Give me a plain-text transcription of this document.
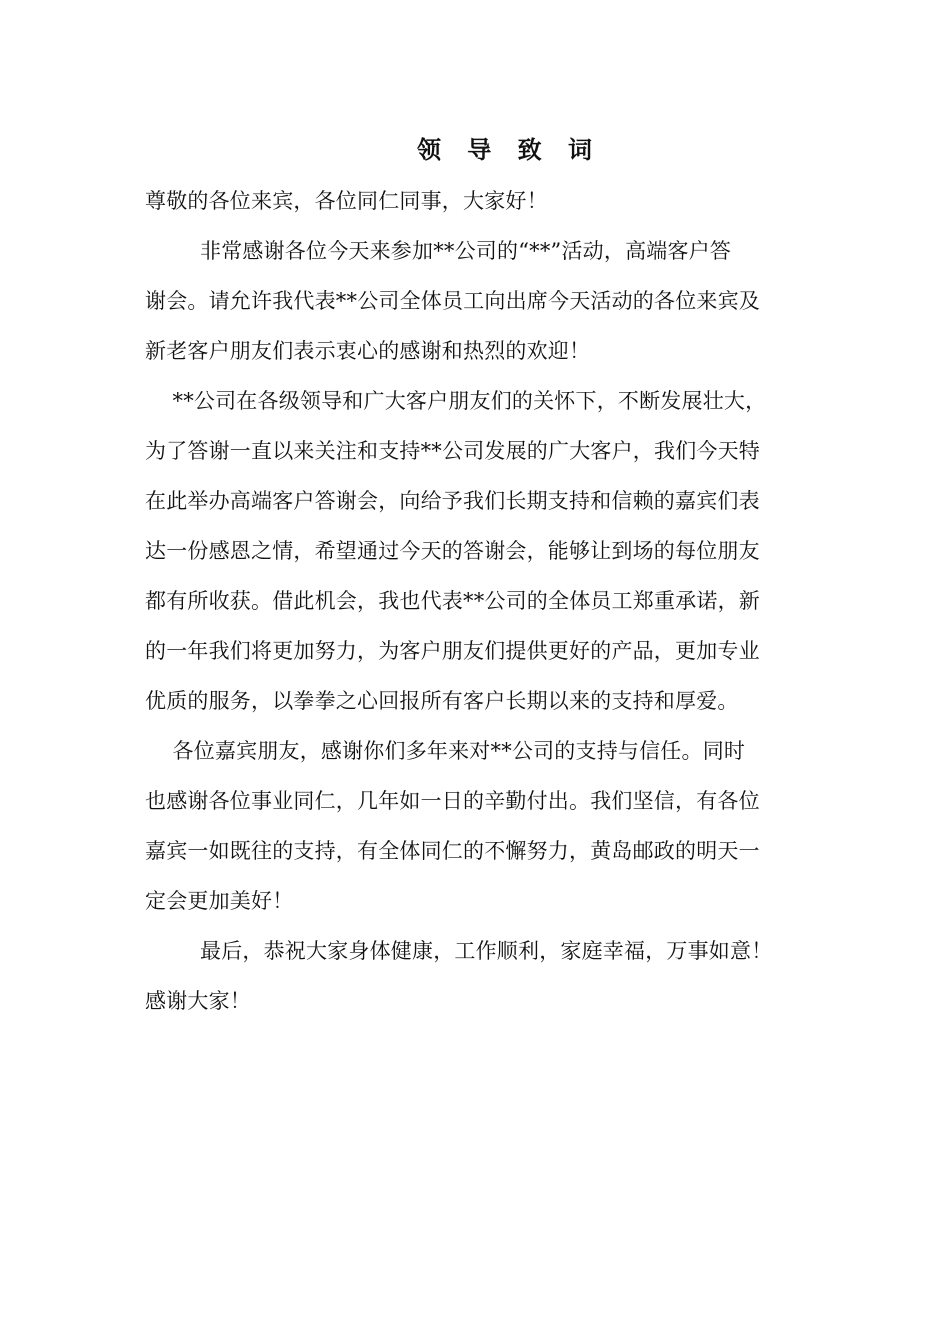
领 导 致 词
尊敬的各位来宾，各位同仁同事，大家好！
非常感谢各位今天来参加**公司的“**”活动，高端客户答
谢会。请允许我代表**公司全体员工向出席今天活动的各位来宾及
新老客户朋友们表示衷心的感谢和热烈的欢迎！
**公司在各级领导和广大客户朋友们的关怀下，不断发展壮大，
为了答谢一直以来关注和支持**公司发展的广大客户，我们今天特
在此举办高端客户答谢会，向给予我们长期支持和信赖的嘉宾们表
达一份感恩之情，希望通过今天的答谢会，能够让到场的每位朋友
都有所收获。借此机会，我也代表**公司的全体员工郑重承诺，新
的一年我们将更加努力，为客户朋友们提供更好的产品，更加专业
优质的服务，以拳拳之心回报所有客户长期以来的支持和厚爱。
各位嘉宾朋友，感谢你们多年来对**公司的支持与信任。同时
也感谢各位事业同仁，几年如一日的辛勤付出。我们坚信，有各位
嘉宾一如既往的支持，有全体同仁的不懈努力，黄岛邮政的明天一
定会更加美好！
最后，恭祝大家身体健康，工作顺利，家庭幸福，万事如意！
感谢大家！
